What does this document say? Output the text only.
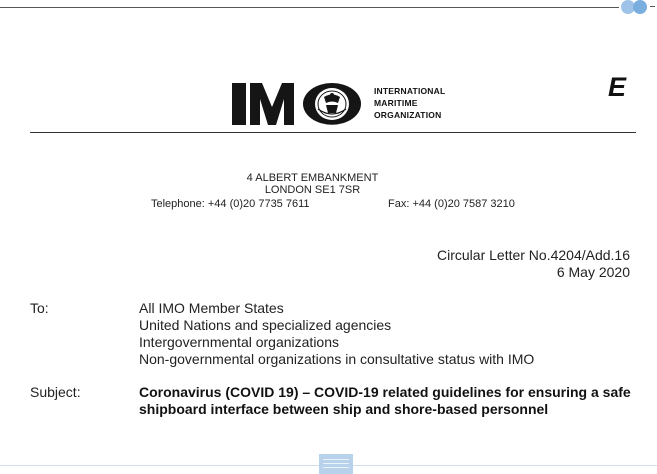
INTERNATIONAL
MARITIME
ORGANIZATION
E
4 ALBERT EMBANKMENT
LONDON SE1 7SR
Telephone: +44 (0)20 7735 7611	Fax: +44 (0)20 7587 3210
Circular Letter No.4204/Add.16
6 May 2020
To:	All IMO Member States
United Nations and specialized agencies
Intergovernmental organizations
Non-governmental organizations in consultative status with IMO
Subject:	Coronavirus (COVID 19) – COVID-19 related guidelines for ensuring a safe shipboard interface between ship and shore-based personnel
